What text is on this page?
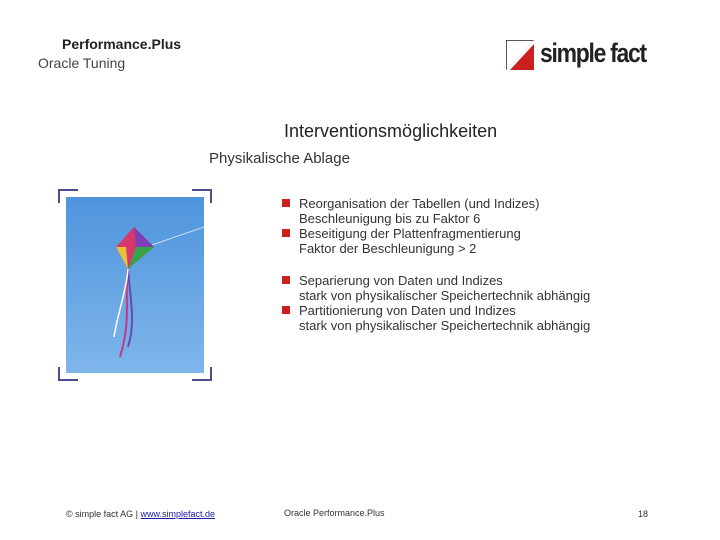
Performance.Plus
Oracle Tuning	simple fact
Interventionsmöglichkeiten
Physikalische Ablage
Reorganisation der Tabellen (und Indizes)
Beschleunigung bis zu Faktor 6
Beseitigung der Plattenfragmentierung
Faktor der Beschleunigung > 2
Separierung von Daten und Indizes
stark von physikalischer Speichertechnik abhängig
Partitionierung von Daten und Indizes
stark von physikalischer Speichertechnik abhängig
© simple fact AG | www.simplefact.de	Oracle Performance.Plus	18
